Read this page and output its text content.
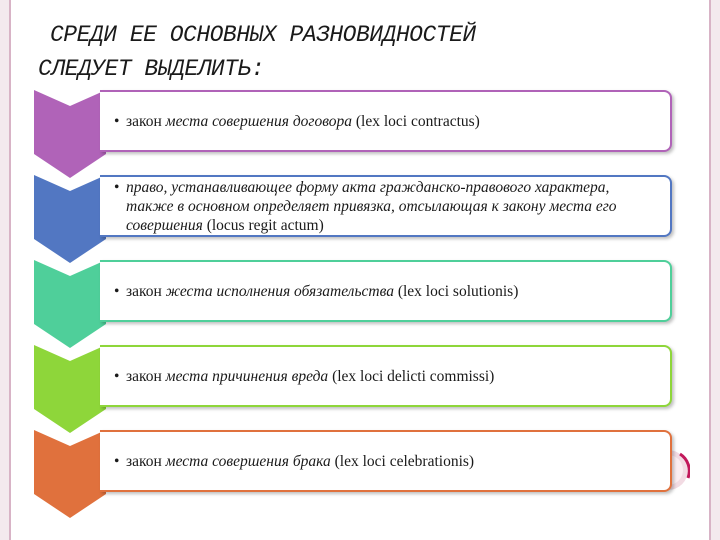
СРЕДИ ЕЕ ОСНОВНЫХ РАЗНОВИДНОСТЕЙ
СЛЕДУЕТ ВЫДЕЛИТЬ:
• закон места совершения договора (lex loci contractus)
• право, устанавливающее форму акта гражданско-правового характера, также в основном определяет привязка, отсылающая к закону места его совершения (locus regit actum)
• закон жеста исполнения обязательства (lex loci solutionis)
• закон места причинения вреда (lex loci delicti commissi)
• закон места совершения брака (lex loci celebrationis)
